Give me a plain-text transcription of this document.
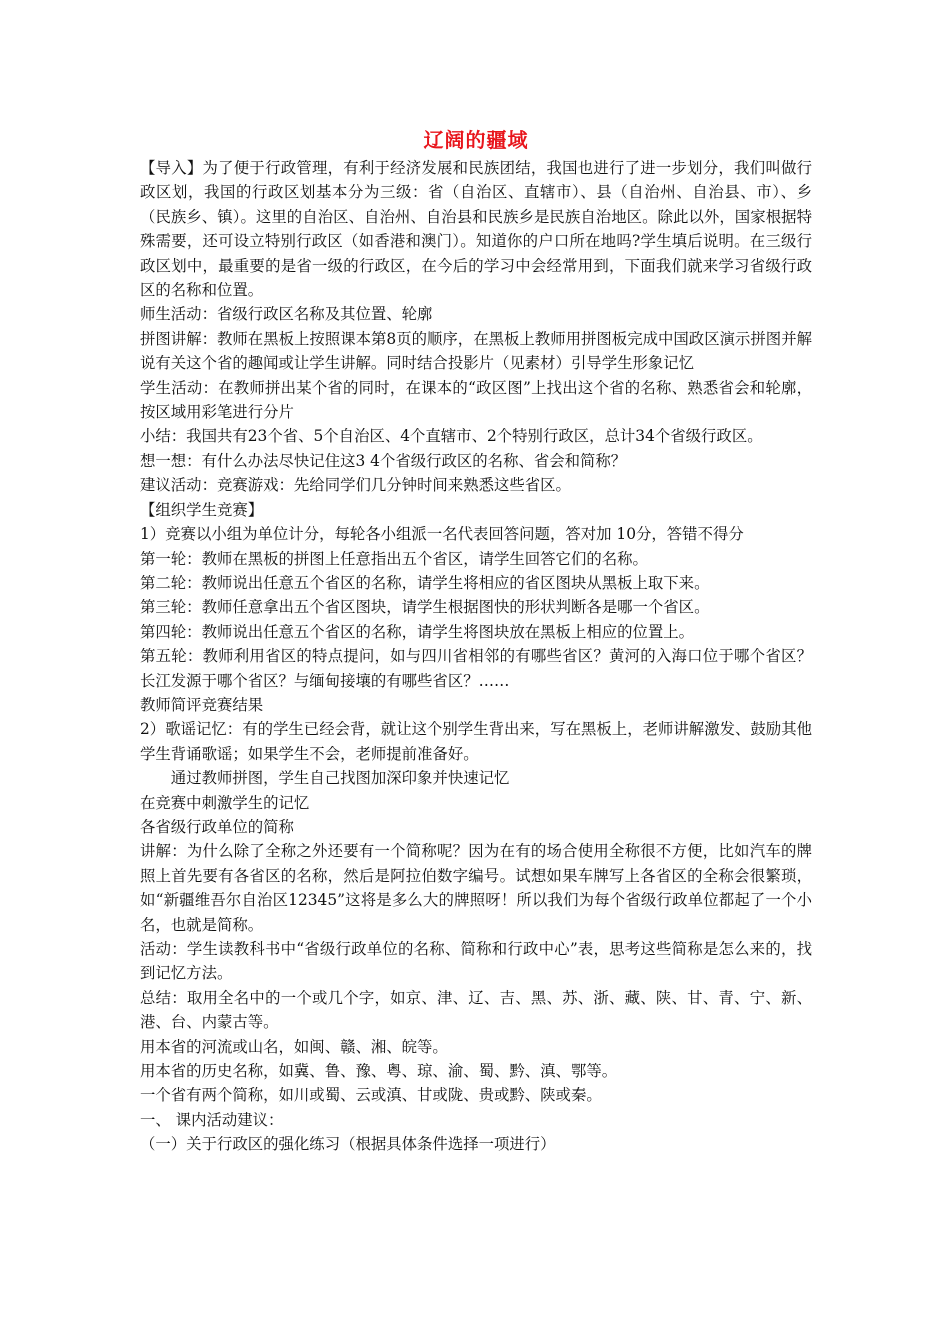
辽阔的疆域

【导入】为了便于行政管理，有利于经济发展和民族团结，我国也进行了进一步划分，我们叫做行政区划，我国的行政区划基本分为三级：省（自治区、直辖市）、县（自治州、自治县、市）、乡（民族乡、镇）。这里的自治区、自治州、自治县和民族乡是民族自治地区。除此以外，国家根据特殊需要，还可设立特别行政区（如香港和澳门）。知道你的户口所在地吗?学生填后说明。在三级行政区划中，最重要的是省一级的行政区，在今后的学习中会经常用到，下面我们就来学习省级行政区的名称和位置。

师生活动：省级行政区名称及其位置、轮廓

拼图讲解：教师在黑板上按照课本第8页的顺序，在黑板上教师用拼图板完成中国政区演示拼图并解说有关这个省的趣闻或让学生讲解。同时结合投影片（见素材）引导学生形象记忆

学生活动：在教师拼出某个省的同时，在课本的“政区图”上找出这个省的名称、熟悉省会和轮廓，按区域用彩笔进行分片

小结：我国共有23个省、5个自治区、4个直辖市、2个特别行政区，总计34个省级行政区。

想一想：有什么办法尽快记住这3 4个省级行政区的名称、省会和简称？

建议活动：竞赛游戏：先给同学们几分钟时间来熟悉这些省区。

【组织学生竞赛】

1）竞赛以小组为单位计分，每轮各小组派一名代表回答问题，答对加 10分，答错不得分

第一轮：教师在黑板的拼图上任意指出五个省区，请学生回答它们的名称。

第二轮：教师说出任意五个省区的名称，请学生将相应的省区图块从黑板上取下来。

第三轮：教师任意拿出五个省区图块，请学生根据图快的形状判断各是哪一个省区。

第四轮：教师说出任意五个省区的名称，请学生将图块放在黑板上相应的位置上。

第五轮：教师利用省区的特点提问，如与四川省相邻的有哪些省区？黄河的入海口位于哪个省区？长江发源于哪个省区？与缅甸接壤的有哪些省区？……

教师简评竞赛结果

2）歌谣记忆：有的学生已经会背，就让这个别学生背出来，写在黑板上，老师讲解激发、鼓励其他学生背诵歌谣；如果学生不会，老师提前准备好。

通过教师拼图，学生自己找图加深印象并快速记忆

在竞赛中刺激学生的记忆

各省级行政单位的简称

讲解：为什么除了全称之外还要有一个简称呢？因为在有的场合使用全称很不方便，比如汽车的牌照上首先要有各省区的名称，然后是阿拉伯数字编号。试想如果车牌写上各省区的全称会很繁琐，如“新疆维吾尔自治区12345”这将是多么大的牌照呀！所以我们为每个省级行政单位都起了一个小名，也就是简称。

活动：学生读教科书中“省级行政单位的名称、简称和行政中心”表，思考这些简称是怎么来的，找到记忆方法。

总结：取用全名中的一个或几个字，如京、津、辽、吉、黑、苏、浙、藏、陕、甘、青、宁、新、港、台、内蒙古等。

用本省的河流或山名，如闽、赣、湘、皖等。

用本省的历史名称，如冀、鲁、豫、粤、琼、渝、蜀、黔、滇、鄂等。

一个省有两个简称，如川或蜀、云或滇、甘或陇、贵或黔、陕或秦。

一、 课内活动建议：

（一）关于行政区的强化练习（根据具体条件选择一项进行）
